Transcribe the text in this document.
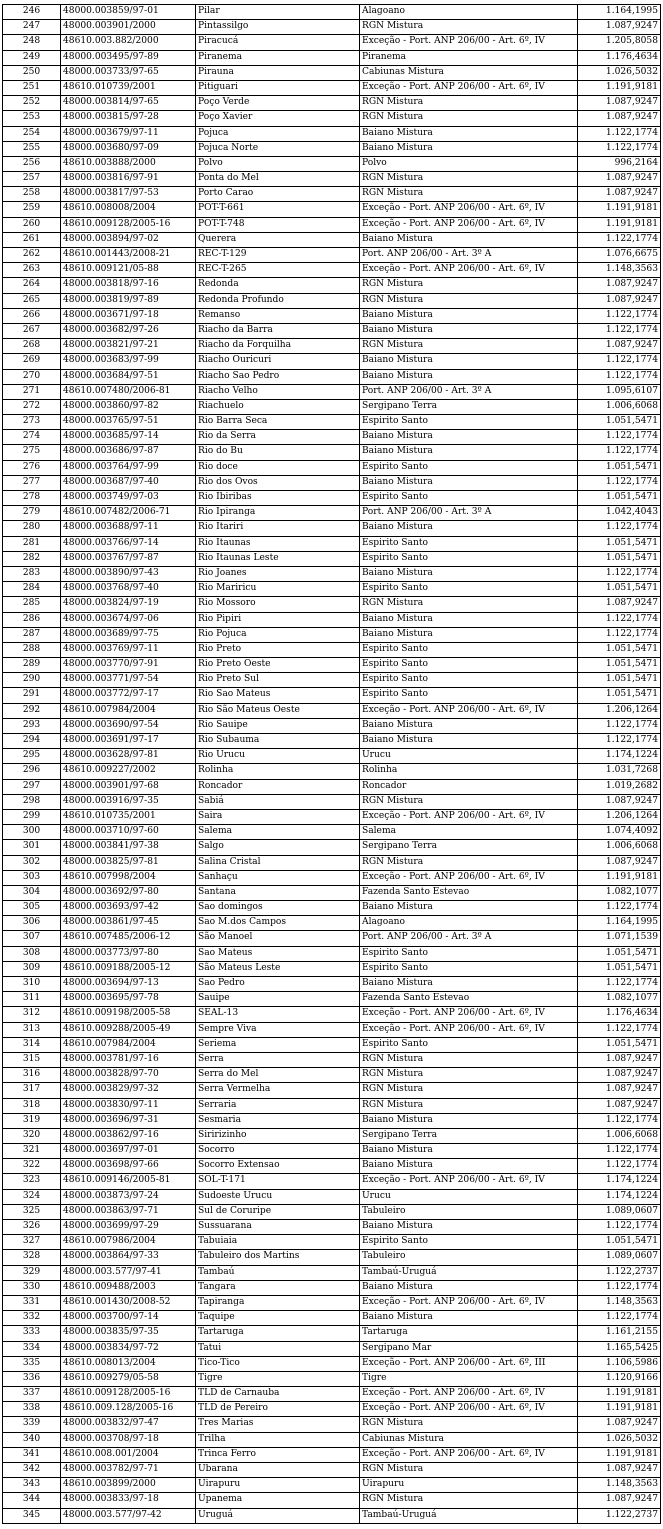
246	48000.003859/97-01	Pilar	Alagoano	1.164,1995
247	48000.003901/2000	Pintassilgo	RGN Mistura	1.087,9247
248	48610.003.882/2000	Piracucá	Exceção - Port. ANP 206/00 - Art. 6º, IV	1.205,8058
249	48000.003495/97-89	Piranema	Piranema	1.176,4634
250	48000.003733/97-65	Pirauna	Cabiunas Mistura	1.026,5032
251	48610.010739/2001	Pitiguari	Exceção - Port. ANP 206/00 - Art. 6º, IV	1.191,9181
252	48000.003814/97-65	Poço Verde	RGN Mistura	1.087,9247
253	48000.003815/97-28	Poço Xavier	RGN Mistura	1.087,9247
254	48000.003679/97-11	Pojuca	Baiano Mistura	1.122,1774
255	48000.003680/97-09	Pojuca Norte	Baiano Mistura	1.122,1774
256	48610.003888/2000	Polvo	Polvo	996,2164
257	48000.003816/97-91	Ponta do Mel	RGN Mistura	1.087,9247
258	48000.003817/97-53	Porto Carao	RGN Mistura	1.087,9247
259	48610.008008/2004	POT-T-661	Exceção - Port. ANP 206/00 - Art. 6º, IV	1.191,9181
260	48610.009128/2005-16	POT-T-748	Exceção - Port. ANP 206/00 - Art. 6º, IV	1.191,9181
261	48000.003894/97-02	Querera	Baiano Mistura	1.122,1774
262	48610.001443/2008-21	REC-T-129	Port. ANP 206/00 - Art. 3º A	1.076,6675
263	48610.009121/05-88	REC-T-265	Exceção - Port. ANP 206/00 - Art. 6º, IV	1.148,3563
264	48000.003818/97-16	Redonda	RGN Mistura	1.087,9247
265	48000.003819/97-89	Redonda Profundo	RGN Mistura	1.087,9247
266	48000.003671/97-18	Remanso	Baiano Mistura	1.122,1774
267	48000.003682/97-26	Riacho da Barra	Baiano Mistura	1.122,1774
268	48000.003821/97-21	Riacho da Forquilha	RGN Mistura	1.087,9247
269	48000.003683/97-99	Riacho Ouricuri	Baiano Mistura	1.122,1774
270	48000.003684/97-51	Riacho Sao Pedro	Baiano Mistura	1.122,1774
271	48610.007480/2006-81	Riacho Velho	Port. ANP 206/00 - Art. 3º A	1.095,6107
272	48000.003860/97-82	Riachuelo	Sergipano Terra	1.006,6068
273	48000.003765/97-51	Rio Barra Seca	Espirito Santo	1.051,5471
274	48000.003685/97-14	Rio da Serra	Baiano Mistura	1.122,1774
275	48000.003686/97-87	Rio do Bu	Baiano Mistura	1.122,1774
276	48000.003764/97-99	Rio doce	Espirito Santo	1.051,5471
277	48000.003687/97-40	Rio dos Ovos	Baiano Mistura	1.122,1774
278	48000.003749/97-03	Rio Ibiribas	Espirito Santo	1.051,5471
279	48610.007482/2006-71	Rio Ipiranga	Port. ANP 206/00 - Art. 3º A	1.042,4043
280	48000.003688/97-11	Rio Itariri	Baiano Mistura	1.122,1774
281	48000.003766/97-14	Rio Itaunas	Espirito Santo	1.051,5471
282	48000.003767/97-87	Rio Itaunas Leste	Espirito Santo	1.051,5471
283	48000.003890/97-43	Rio Joanes	Baiano Mistura	1.122,1774
284	48000.003768/97-40	Rio Mariricu	Espirito Santo	1.051,5471
285	48000.003824/97-19	Rio Mossoro	RGN Mistura	1.087,9247
286	48000.003674/97-06	Rio Pipiri	Baiano Mistura	1.122,1774
287	48000.003689/97-75	Rio Pojuca	Baiano Mistura	1.122,1774
288	48000.003769/97-11	Rio Preto	Espirito Santo	1.051,5471
289	48000.003770/97-91	Rio Preto Oeste	Espirito Santo	1.051,5471
290	48000.003771/97-54	Rio Preto Sul	Espirito Santo	1.051,5471
291	48000.003772/97-17	Rio Sao Mateus	Espirito Santo	1.051,5471
292	48610.007984/2004	Rio São Mateus Oeste	Exceção - Port. ANP 206/00 - Art. 6º, IV	1.206,1264
293	48000.003690/97-54	Rio Sauipe	Baiano Mistura	1.122,1774
294	48000.003691/97-17	Rio Subauma	Baiano Mistura	1.122,1774
295	48000.003628/97-81	Rio Urucu	Urucu	1.174,1224
296	48610.009227/2002	Rolinha	Rolinha	1.031,7268
297	48000.003901/97-68	Roncador	Roncador	1.019,2682
298	48000.003916/97-35	Sabiá	RGN Mistura	1.087,9247
299	48610.010735/2001	Saira	Exceção - Port. ANP 206/00 - Art. 6º, IV	1.206,1264
300	48000.003710/97-60	Salema	Salema	1.074,4092
301	48000.003841/97-38	Salgo	Sergipano Terra	1.006,6068
302	48000.003825/97-81	Salina Cristal	RGN Mistura	1.087,9247
303	48610.007998/2004	Sanhaçu	Exceção - Port. ANP 206/00 - Art. 6º, IV	1.191,9181
304	48000.003692/97-80	Santana	Fazenda Santo Estevao	1.082,1077
305	48000.003693/97-42	Sao domingos	Baiano Mistura	1.122,1774
306	48000.003861/97-45	Sao M.dos Campos	Alagoano	1.164,1995
307	48610.007485/2006-12	São Manoel	Port. ANP 206/00 - Art. 3º A	1.071,1539
308	48000.003773/97-80	Sao Mateus	Espirito Santo	1.051,5471
309	48610.009188/2005-12	São Mateus Leste	Espirito Santo	1.051,5471
310	48000.003694/97-13	Sao Pedro	Baiano Mistura	1.122,1774
311	48000.003695/97-78	Sauipe	Fazenda Santo Estevao	1.082,1077
312	48610.009198/2005-58	SEAL-13	Exceção - Port. ANP 206/00 - Art. 6º, IV	1.176,4634
313	48610.009288/2005-49	Sempre Viva	Exceção - Port. ANP 206/00 - Art. 6º, IV	1.122,1774
314	48610.007984/2004	Seriema	Espirito Santo	1.051,5471
315	48000.003781/97-16	Serra	RGN Mistura	1.087,9247
316	48000.003828/97-70	Serra do Mel	RGN Mistura	1.087,9247
317	48000.003829/97-32	Serra Vermelha	RGN Mistura	1.087,9247
318	48000.003830/97-11	Serraria	RGN Mistura	1.087,9247
319	48000.003696/97-31	Sesmaria	Baiano Mistura	1.122,1774
320	48000.003862/97-16	Siririzinho	Sergipano Terra	1.006,6068
321	48000.003697/97-01	Socorro	Baiano Mistura	1.122,1774
322	48000.003698/97-66	Socorro Extensao	Baiano Mistura	1.122,1774
323	48610.009146/2005-81	SOL-T-171	Exceção - Port. ANP 206/00 - Art. 6º, IV	1.174,1224
324	48000.003873/97-24	Sudoeste Urucu	Urucu	1.174,1224
325	48000.003863/97-71	Sul de Coruripe	Tabuleiro	1.089,0607
326	48000.003699/97-29	Sussuarana	Baiano Mistura	1.122,1774
327	48610.007986/2004	Tabuiaia	Espirito Santo	1.051,5471
328	48000.003864/97-33	Tabuleiro dos Martins	Tabuleiro	1.089,0607
329	48000.003.577/97-41	Tambaú	Tambaú-Uruguá	1.122,2737
330	48610.009488/2003	Tangara	Baiano Mistura	1.122,1774
331	48610.001430/2008-52	Tapiranga	Exceção - Port. ANP 206/00 - Art. 6º, IV	1.148,3563
332	48000.003700/97-14	Taquipe	Baiano Mistura	1.122,1774
333	48000.003835/97-35	Tartaruga	Tartaruga	1.161,2155
334	48000.003834/97-72	Tatui	Sergipano Mar	1.165,5425
335	48610.008013/2004	Tico-Tico	Exceção - Port. ANP 206/00 - Art. 6º, III	1.106,5986
336	48610.009279/05-58	Tigre	Tigre	1.120,9166
337	48610.009128/2005-16	TLD de Carnauba	Exceção - Port. ANP 206/00 - Art. 6º, IV	1.191,9181
338	48610.009.128/2005-16	TLD de Pereiro	Exceção - Port. ANP 206/00 - Art. 6º, IV	1.191,9181
339	48000.003832/97-47	Tres Marias	RGN Mistura	1.087,9247
340	48000.003708/97-18	Trilha	Cabiunas Mistura	1.026,5032
341	48610.008.001/2004	Trinca Ferro	Exceção - Port. ANP 206/00 - Art. 6º, IV	1.191,9181
342	48000.003782/97-71	Ubarana	RGN Mistura	1.087,9247
343	48610.003899/2000	Uirapuru	Uirapuru	1.148,3563
344	48000.003833/97-18	Upanema	RGN Mistura	1.087,9247
345	48000.003.577/97-42	Uruguá	Tambaú-Uruguá	1.122,2737
